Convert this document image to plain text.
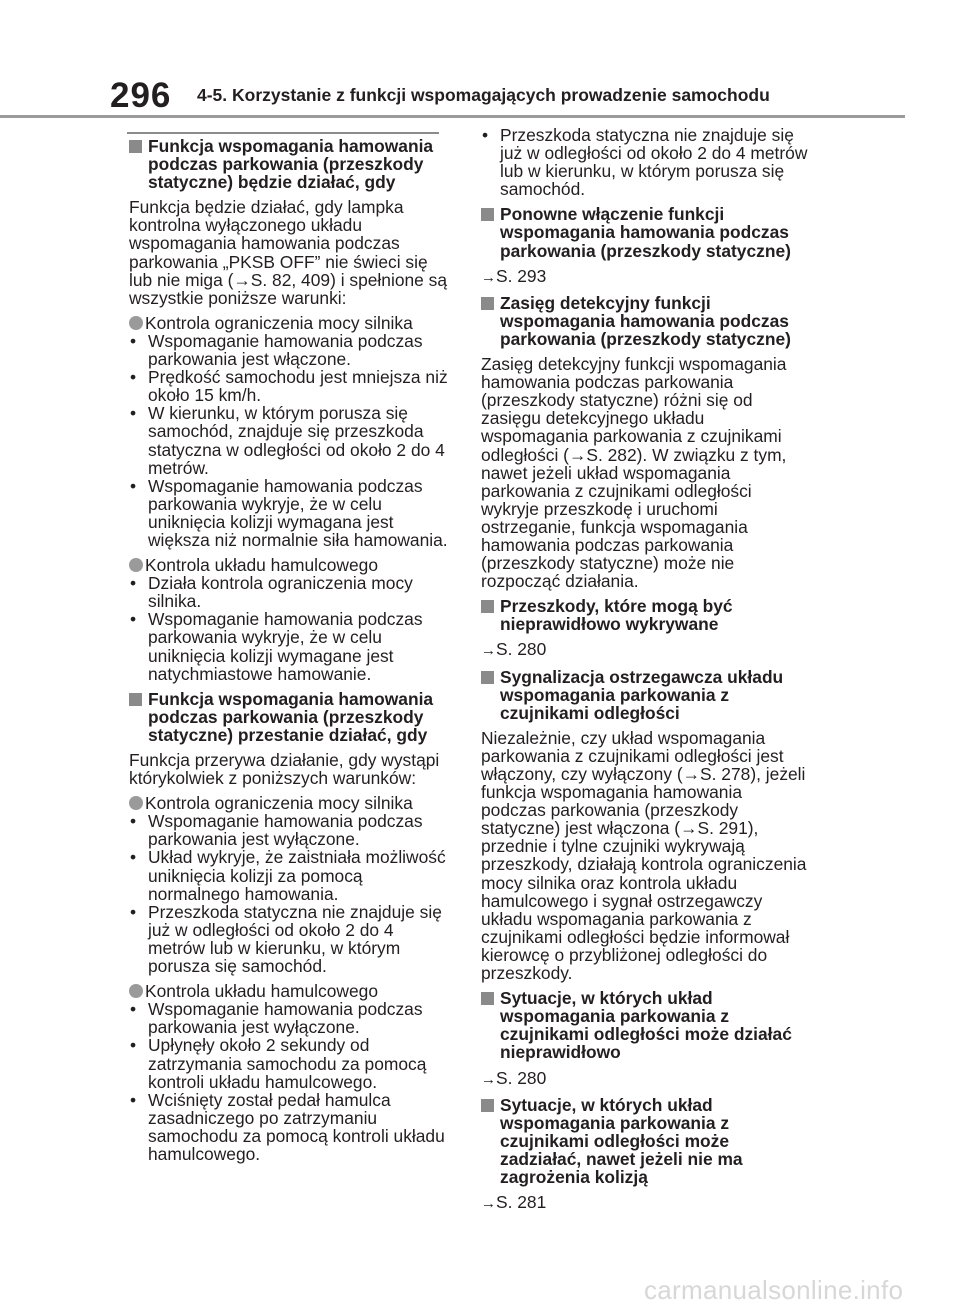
296 4-5. Korzystanie z funkcji wspomagających prowadzenie samochodu
Funkcja wspomagania hamowania podczas parkowania (przeszkody statyczne) będzie działać, gdy

Funkcja będzie działać, gdy lampka kontrolna wyłączonego układu wspomagania hamowania podczas parkowania „PKSB OFF” nie świeci się lub nie miga (→S. 82, 409) i spełnione są wszystkie poniższe warunki:

Kontrola ograniczenia mocy silnika
• Wspomaganie hamowania podczas parkowania jest włączone.
• Prędkość samochodu jest mniejsza niż około 15 km/h.
• W kierunku, w którym porusza się samochód, znajduje się przeszkoda statyczna w odległości od około 2 do 4 metrów.
• Wspomaganie hamowania podczas parkowania wykryje, że w celu uniknięcia kolizji wymagana jest większa niż normalnie siła hamowania.
Kontrola układu hamulcowego
• Działa kontrola ograniczenia mocy silnika.
• Wspomaganie hamowania podczas parkowania wykryje, że w celu uniknięcia kolizji wymagane jest natychmiastowe hamowanie.
Funkcja wspomagania hamowania podczas parkowania (przeszkody statyczne) przestanie działać, gdy

Funkcja przerywa działanie, gdy wystąpi którykolwiek z poniższych warunków:

Kontrola ograniczenia mocy silnika
• Wspomaganie hamowania podczas parkowania jest wyłączone.
• Układ wykryje, że zaistniała możliwość uniknięcia kolizji za pomocą normalnego hamowania.
• Przeszkoda statyczna nie znajduje się już w odległości od około 2 do 4 metrów lub w kierunku, w którym porusza się samochód.
Kontrola układu hamulcowego
• Wspomaganie hamowania podczas parkowania jest wyłączone.
• Upłynęły około 2 sekundy od zatrzymania samochodu za pomocą kontroli układu hamulcowego.
• Wciśnięty został pedał hamulca zasadniczego po zatrzymaniu samochodu za pomocą kontroli układu hamulcowego.
• Przeszkoda statyczna nie znajduje się już w odległości od około 2 do 4 metrów lub w kierunku, w którym porusza się samochód.
Ponowne włączenie funkcji wspomagania hamowania podczas parkowania (przeszkody statyczne)

→S. 293

Zasięg detekcyjny funkcji wspomagania hamowania podczas parkowania (przeszkody statyczne)

Zasięg detekcyjny funkcji wspomagania hamowania podczas parkowania (przeszkody statyczne) różni się od zasięgu detekcyjnego układu wspomagania parkowania z czujnikami odległości (→S. 282). W związku z tym, nawet jeżeli układ wspomagania parkowania z czujnikami odległości wykryje przeszkodę i uruchomi ostrzeganie, funkcja wspomagania hamowania podczas parkowania (przeszkody statyczne) może nie rozpocząć działania.

Przeszkody, które mogą być nieprawidłowo wykrywane

→S. 280

Sygnalizacja ostrzegawcza układu wspomagania parkowania z czujnikami odległości

Niezależnie, czy układ wspomagania parkowania z czujnikami odległości jest włączony, czy wyłączony (→S. 278), jeżeli funkcja wspomagania hamowania podczas parkowania (przeszkody statyczne) jest włączona (→S. 291), przednie i tylne czujniki wykrywają przeszkody, działają kontrola ograniczenia mocy silnika oraz kontrola układu hamulcowego i sygnał ostrzegawczy układu wspomagania parkowania z czujnikami odległości będzie informował kierowcę o przybliżonej odległości do przeszkody.

Sytuacje, w których układ wspomagania parkowania z czujnikami odległości może działać nieprawidłowo

→S. 280

Sytuacje, w których układ wspomagania parkowania z czujnikami odległości może zadziałać, nawet jeżeli nie ma zagrożenia kolizją

→S. 281

carmanualsonline.info
